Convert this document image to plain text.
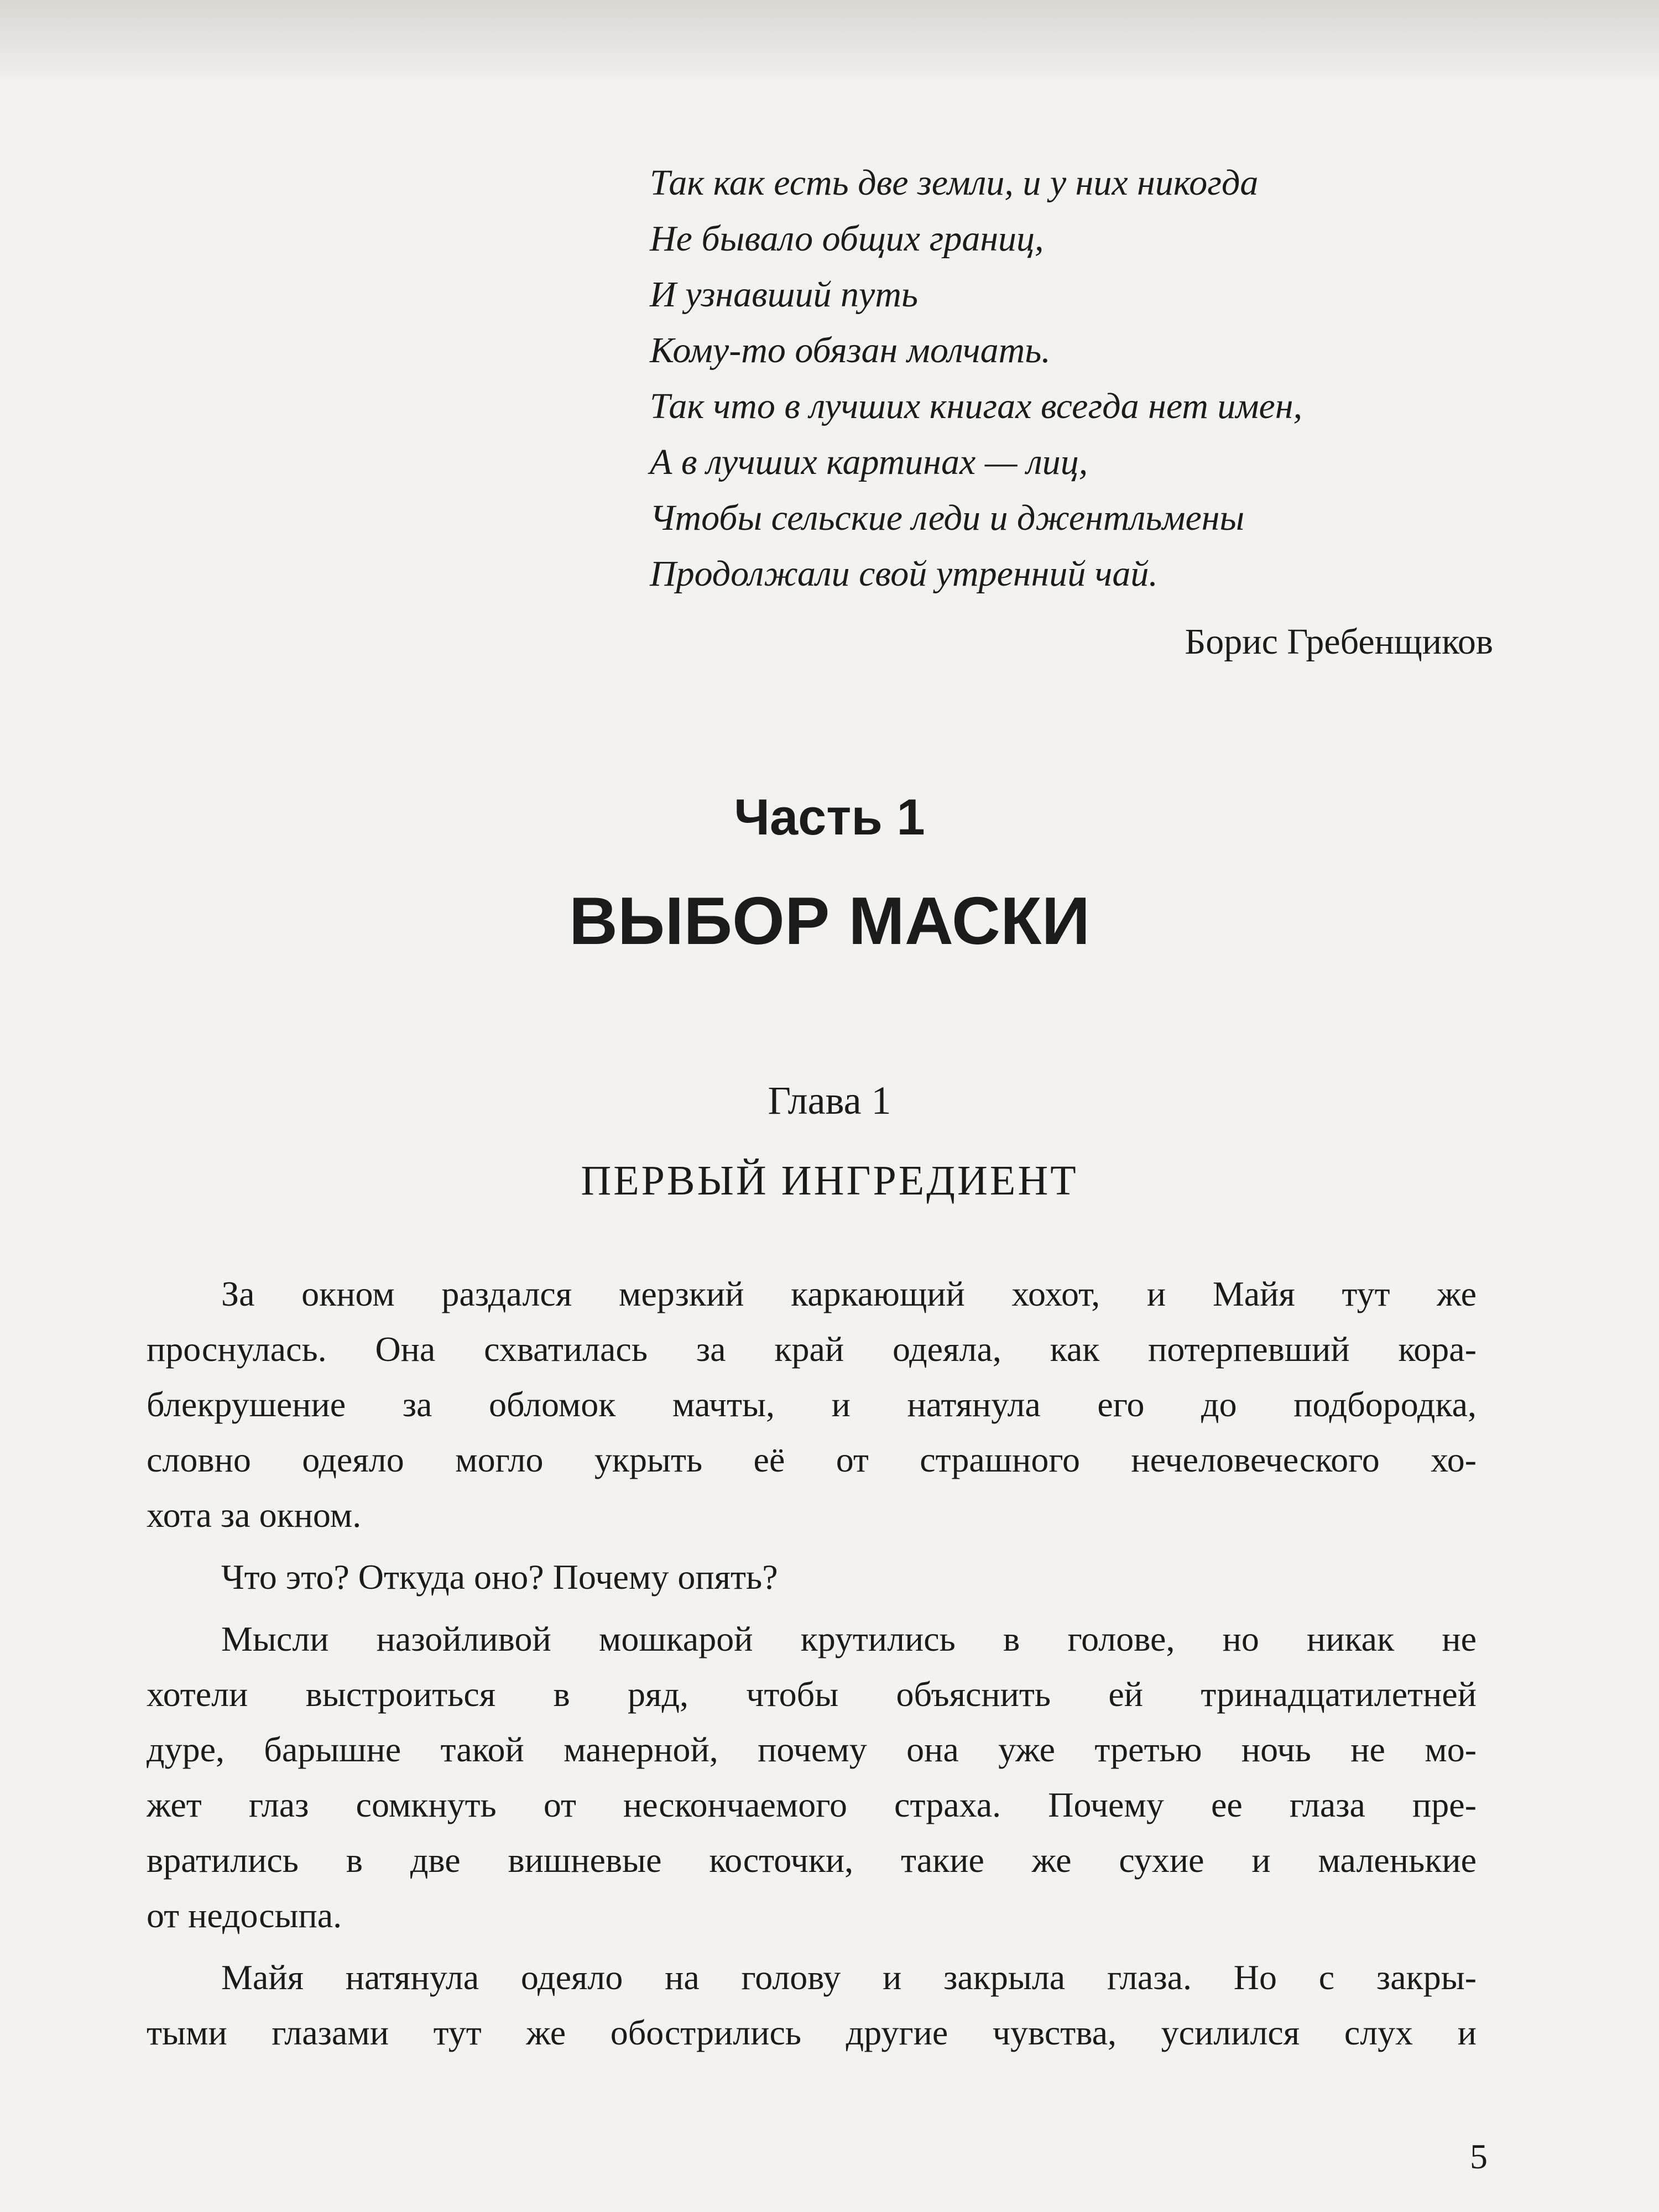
Так как есть две земли, и у них никогда
Не бывало общих границ,
И узнавший путь
Кому-то обязан молчать.
Так что в лучших книгах всегда нет имен,
А в лучших картинах — лиц,
Чтобы сельские леди и джентльмены
Продолжали свой утренний чай.
Борис Гребенщиков
Часть 1
ВЫБОР МАСКИ
Глава 1
ПЕРВЫЙ ИНГРЕДИЕНТ
За окном раздался мерзкий каркающий хохот, и Майя тут же
проснулась. Она схватилась за край одеяла, как потерпевший кора-
блекрушение за обломок мачты, и натянула его до подбородка,
словно одеяло могло укрыть её от страшного нечеловеческого хо-
хота за окном.
Что это? Откуда оно? Почему опять?
Мысли назойливой мошкарой крутились в голове, но никак не
хотели выстроиться в ряд, чтобы объяснить ей тринадцатилетней
дуре, барышне такой манерной, почему она уже третью ночь не мо-
жет глаз сомкнуть от нескончаемого страха. Почему ее глаза пре-
вратились в две вишневые косточки, такие же сухие и маленькие
от недосыпа.
Майя натянула одеяло на голову и закрыла глаза. Но с закры-
тыми глазами тут же обострились другие чувства, усилился слух и
5
